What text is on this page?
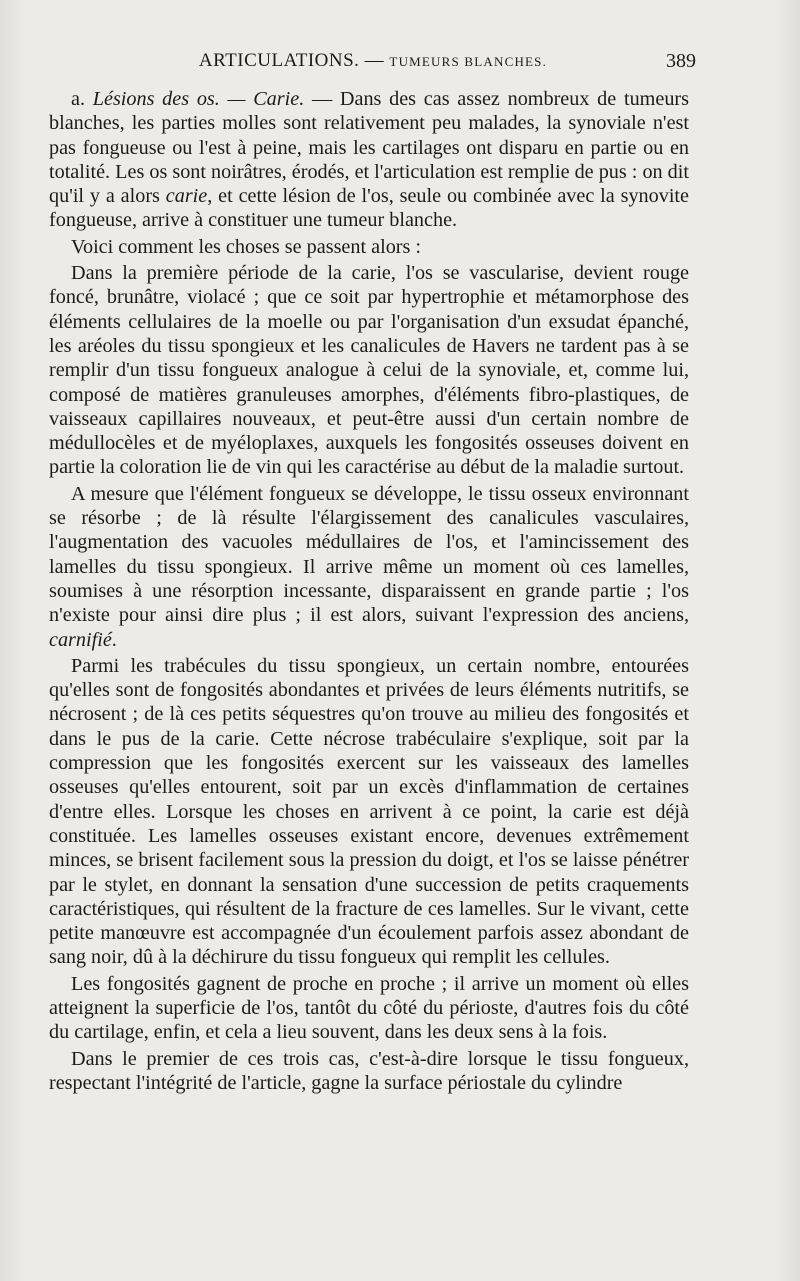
ARTICULATIONS. — TUMEURS BLANCHES.	389

a. Lésions des os. — Carie. — Dans des cas assez nombreux de tumeurs blanches, les parties molles sont relativement peu malades, la synoviale n'est pas fongueuse ou l'est à peine, mais les cartilages ont disparu en partie ou en totalité. Les os sont noirâtres, érodés, et l'articulation est remplie de pus : on dit qu'il y a alors carie, et cette lésion de l'os, seule ou combinée avec la synovite fongueuse, arrive à constituer une tumeur blanche.

Voici comment les choses se passent alors :

Dans la première période de la carie, l'os se vascularise, devient rouge foncé, brunâtre, violacé ; que ce soit par hypertrophie et métamorphose des éléments cellulaires de la moelle ou par l'organisation d'un exsudat épanché, les aréoles du tissu spongieux et les canalicules de Havers ne tardent pas à se remplir d'un tissu fongueux analogue à celui de la synoviale, et, comme lui, composé de matières granuleuses amorphes, d'éléments fibro-plastiques, de vaisseaux capillaires nouveaux, et peut-être aussi d'un certain nombre de médullocèles et de myéloplaxes, auxquels les fongosités osseuses doivent en partie la coloration lie de vin qui les caractérise au début de la maladie surtout.

A mesure que l'élément fongueux se développe, le tissu osseux environnant se résorbe ; de là résulte l'élargissement des canalicules vasculaires, l'augmentation des vacuoles médullaires de l'os, et l'amincissement des lamelles du tissu spongieux. Il arrive même un moment où ces lamelles, soumises à une résorption incessante, disparaissent en grande partie ; l'os n'existe pour ainsi dire plus ; il est alors, suivant l'expression des anciens, carnifié.

Parmi les trabécules du tissu spongieux, un certain nombre, entourées qu'elles sont de fongosités abondantes et privées de leurs éléments nutritifs, se nécrosent ; de là ces petits séquestres qu'on trouve au milieu des fongosités et dans le pus de la carie. Cette nécrose trabéculaire s'explique, soit par la compression que les fongosités exercent sur les vaisseaux des lamelles osseuses qu'elles entourent, soit par un excès d'inflammation de certaines d'entre elles. Lorsque les choses en arrivent à ce point, la carie est déjà constituée. Les lamelles osseuses existant encore, devenues extrêmement minces, se brisent facilement sous la pression du doigt, et l'os se laisse pénétrer par le stylet, en donnant la sensation d'une succession de petits craquements caractéristiques, qui résultent de la fracture de ces lamelles. Sur le vivant, cette petite manœuvre est accompagnée d'un écoulement parfois assez abondant de sang noir, dû à la déchirure du tissu fongueux qui remplit les cellules.

Les fongosités gagnent de proche en proche ; il arrive un moment où elles atteignent la superficie de l'os, tantôt du côté du périoste, d'autres fois du côté du cartilage, enfin, et cela a lieu souvent, dans les deux sens à la fois.

Dans le premier de ces trois cas, c'est-à-dire lorsque le tissu fongueux, respectant l'intégrité de l'article, gagne la surface périostale du cylindre
